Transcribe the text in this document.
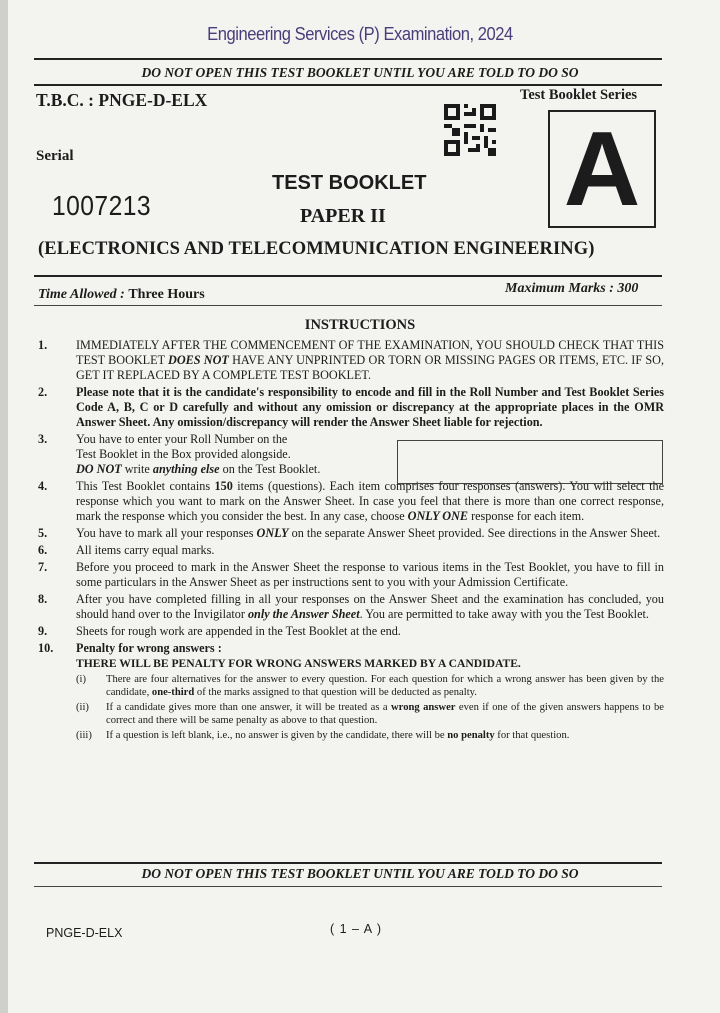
Engineering Services (P) Examination, 2024
DO NOT OPEN THIS TEST BOOKLET UNTIL YOU ARE TOLD TO DO SO
T.B.C. : PNGE-D-ELX	Test Booklet Series
A
Serial
1007213
TEST BOOKLET
PAPER II
(ELECTRONICS AND TELECOMMUNICATION ENGINEERING)
Time Allowed : Three Hours	Maximum Marks : 300
INSTRUCTIONS
1.	IMMEDIATELY AFTER THE COMMENCEMENT OF THE EXAMINATION, YOU SHOULD CHECK THAT THIS TEST BOOKLET DOES NOT HAVE ANY UNPRINTED OR TORN OR MISSING PAGES OR ITEMS, ETC. IF SO, GET IT REPLACED BY A COMPLETE TEST BOOKLET.
2.	Please note that it is the candidate's responsibility to encode and fill in the Roll Number and Test Booklet Series Code A, B, C or D carefully and without any omission or discrepancy at the appropriate places in the OMR Answer Sheet. Any omission/discrepancy will render the Answer Sheet liable for rejection.
3.	You have to enter your Roll Number on the
Test Booklet in the Box provided alongside.
DO NOT write anything else on the Test Booklet.
4.	This Test Booklet contains 150 items (questions). Each item comprises four responses (answers). You will select the response which you want to mark on the Answer Sheet. In case you feel that there is more than one correct response, mark the response which you consider the best. In any case, choose ONLY ONE response for each item.
5.	You have to mark all your responses ONLY on the separate Answer Sheet provided. See directions in the Answer Sheet.
6.	All items carry equal marks.
7.	Before you proceed to mark in the Answer Sheet the response to various items in the Test Booklet, you have to fill in some particulars in the Answer Sheet as per instructions sent to you with your Admission Certificate.
8.	After you have completed filling in all your responses on the Answer Sheet and the examination has concluded, you should hand over to the Invigilator only the Answer Sheet. You are permitted to take away with you the Test Booklet.
9.	Sheets for rough work are appended in the Test Booklet at the end.
10.	Penalty for wrong answers :
THERE WILL BE PENALTY FOR WRONG ANSWERS MARKED BY A CANDIDATE.
(i)	There are four alternatives for the answer to every question. For each question for which a wrong answer has been given by the candidate, one-third of the marks assigned to that question will be deducted as penalty.
(ii)	If a candidate gives more than one answer, it will be treated as a wrong answer even if one of the given answers happens to be correct and there will be same penalty as above to that question.
(iii)	If a question is left blank, i.e., no answer is given by the candidate, there will be no penalty for that question.
DO NOT OPEN THIS TEST BOOKLET UNTIL YOU ARE TOLD TO DO SO
PNGE-D-ELX	( 1 – A )
